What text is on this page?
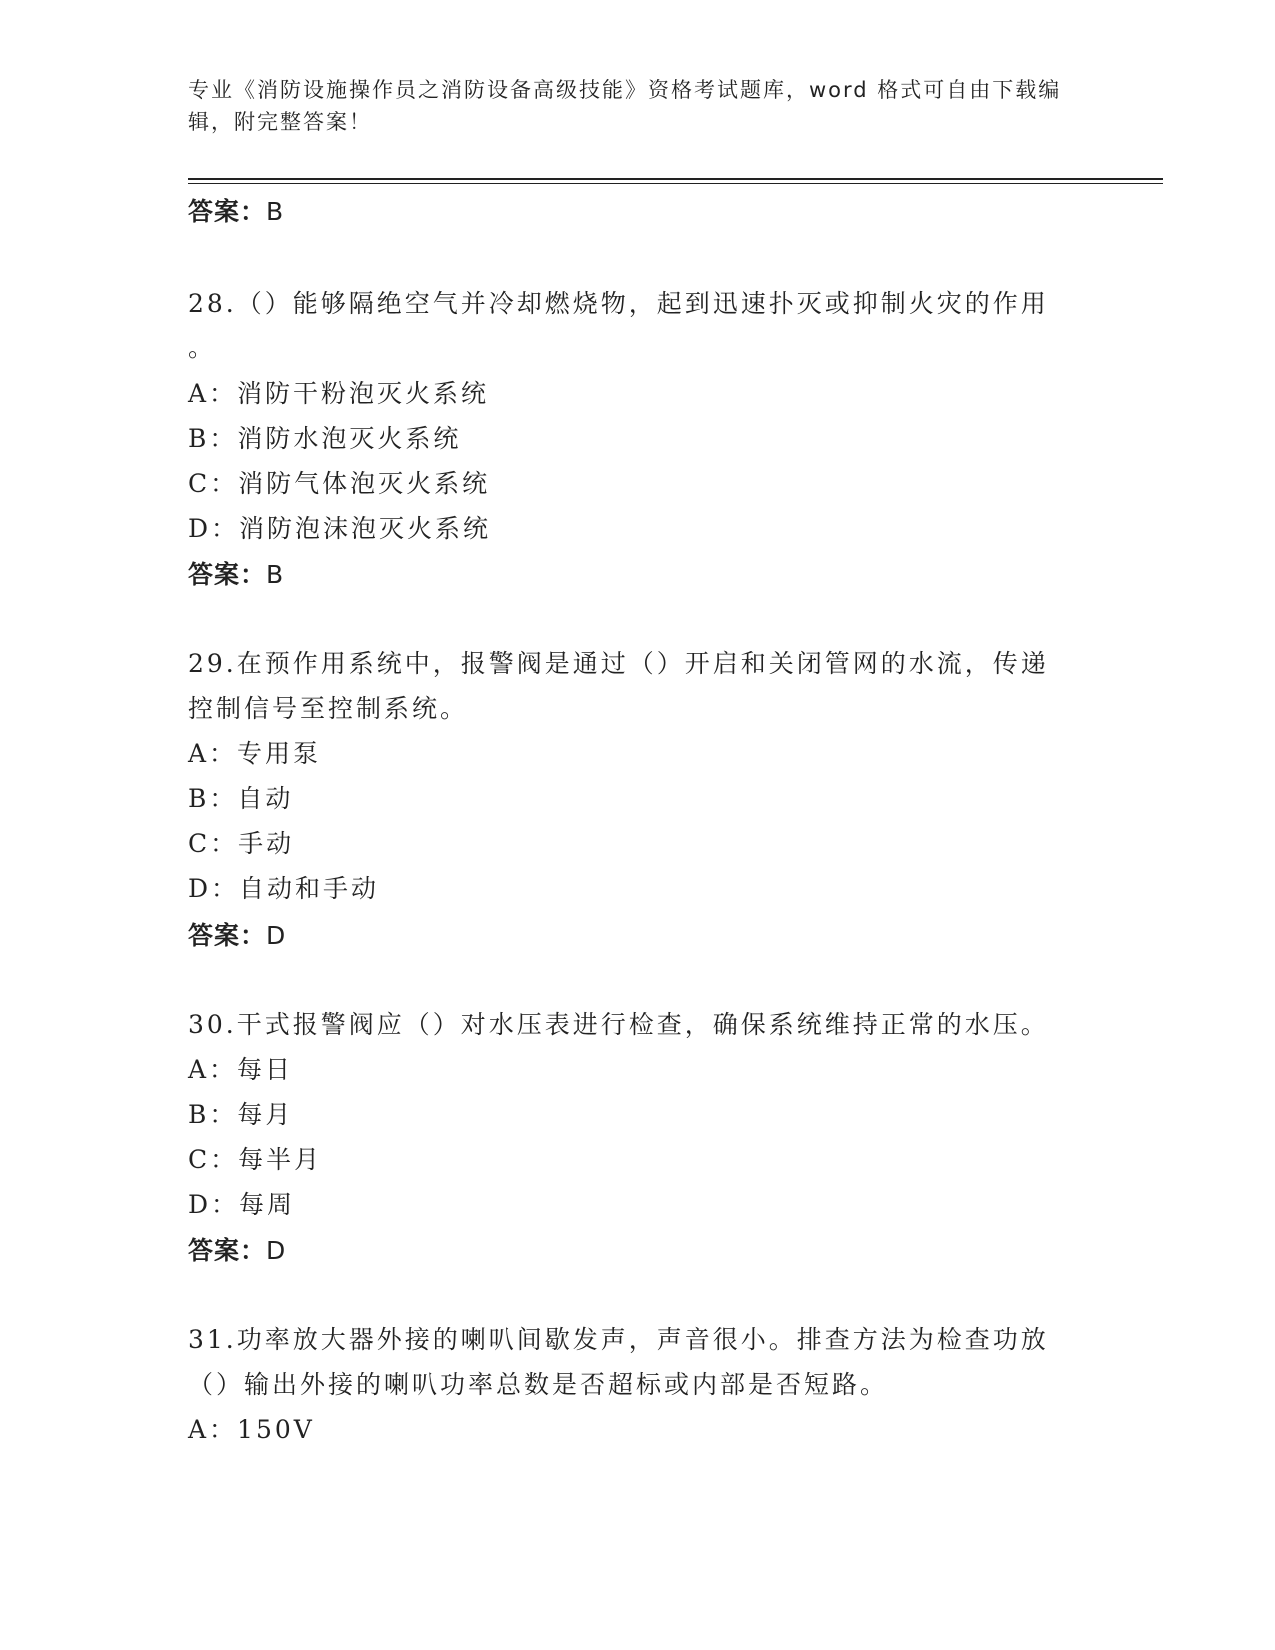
专业《消防设施操作员之消防设备高级技能》资格考试题库，word 格式可自由下载编辑，附完整答案！
答案：B
28.（）能够隔绝空气并冷却燃烧物，起到迅速扑灭或抑制火灾的作用
。
A：消防干粉泡灭火系统
B：消防水泡灭火系统
C：消防气体泡灭火系统
D：消防泡沫泡灭火系统
答案：B
29.在预作用系统中，报警阀是通过（）开启和关闭管网的水流，传递
控制信号至控制系统。
A：专用泵
B：自动
C：手动
D：自动和手动
答案：D
30.干式报警阀应（）对水压表进行检查，确保系统维持正常的水压。
A：每日
B：每月
C：每半月
D：每周
答案：D
31.功率放大器外接的喇叭间歇发声，声音很小。排查方法为检查功放
（）输出外接的喇叭功率总数是否超标或内部是否短路。
A：150V
